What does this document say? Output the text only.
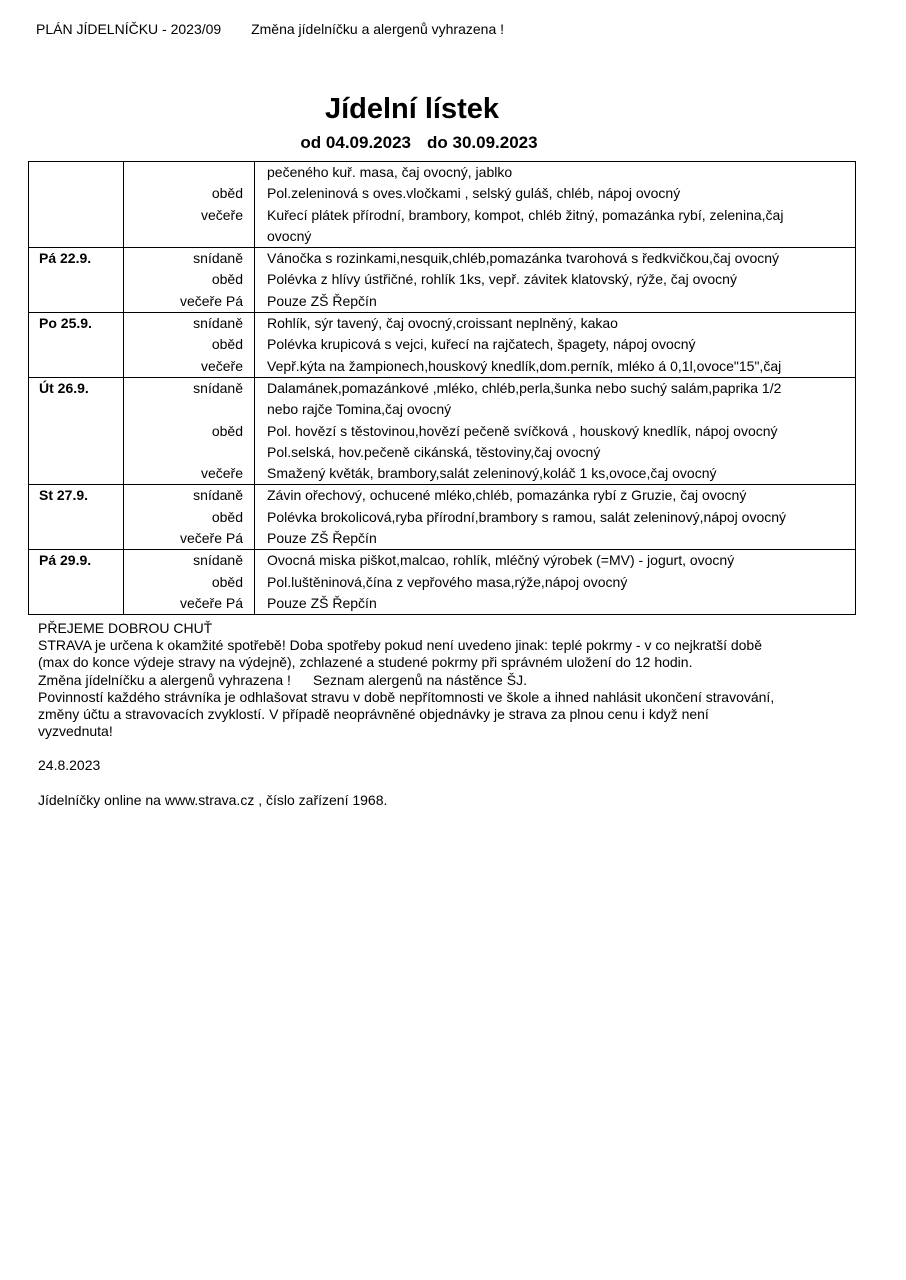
PLÁN JÍDELNÍČKU - 2023/09 Změna jídelníčku a alergenů vyhrazena !
Jídelní lístek
od 04.09.2023 do 30.09.2023

		pečeného kuř. masa, čaj ovocný, jablko

	oběd	Pol.zeleninová s oves.vločkami , selský guláš, chléb, nápoj ovocný

	večeře	Kuřecí plátek přírodní, brambory, kompot, chléb žitný, pomazánka rybí, zelenina,čaj
ovocný

Pá 22.9.	snídaně	Vánočka s rozinkami,nesquik,chléb,pomazánka tvarohová s ředkvičkou,čaj ovocný

	oběd	Polévka z hlívy ústřičné, rohlík 1ks, vepř. závitek klatovský, rýže, čaj ovocný

	večeře Pá	Pouze ZŠ Řepčín

Po 25.9.	snídaně	Rohlík, sýr tavený, čaj ovocný,croissant neplněný, kakao

	oběd	Polévka krupicová s vejci, kuřecí na rajčatech, špagety, nápoj ovocný

	večeře	Vepř.kýta na žampionech,houskový knedlík,dom.perník, mléko á 0,1l,ovoce"15",čaj

Út 26.9.	snídaně	Dalamánek,pomazánkové ,mléko, chléb,perla,šunka nebo suchý salám,paprika 1/2
nebo rajče Tomina,čaj ovocný

	oběd	Pol. hovězí s těstovinou,hovězí pečeně svíčková , houskový knedlík, nápoj ovocný
Pol.selská, hov.pečeně cikánská, těstoviny,čaj ovocný

	večeře	Smažený květák, brambory,salát zeleninový,koláč 1 ks,ovoce,čaj ovocný

St 27.9.	snídaně	Závin ořechový, ochucené mléko,chléb, pomazánka rybí z Gruzie, čaj ovocný

	oběd	Polévka brokolicová,ryba přírodní,brambory s ramou, salát zeleninový,nápoj ovocný

	večeře Pá	Pouze ZŠ Řepčín

Pá 29.9.	snídaně	Ovocná miska piškot,malcao, rohlík, mléčný výrobek (=MV) - jogurt, ovocný

	oběd	Pol.luštěninová,čína z vepřového masa,rýže,nápoj ovocný

	večeře Pá	Pouze ZŠ Řepčín

PŘEJEME DOBROU CHUŤ

STRAVA je určena k okamžité spotřebě! Doba spotřeby pokud není uvedeno jinak: teplé pokrmy - v co nejkratší době

(max do konce výdeje stravy na výdejně), zchlazené a studené pokrmy při správném uložení do 12 hodin.

Změna jídelníčku a alergenů vyhrazena ! Seznam alergenů na nástěnce ŠJ.

Povinností každého strávníka je odhlašovat stravu v době nepřítomnosti ve škole a ihned nahlásit ukončení stravování,

změny účtu a stravovacích zvyklostí. V případě neoprávněné objednávky je strava za plnou cenu i když není

vyzvednuta!

24.8.2023

Jídelníčky online na www.strava.cz , číslo zařízení 1968.
